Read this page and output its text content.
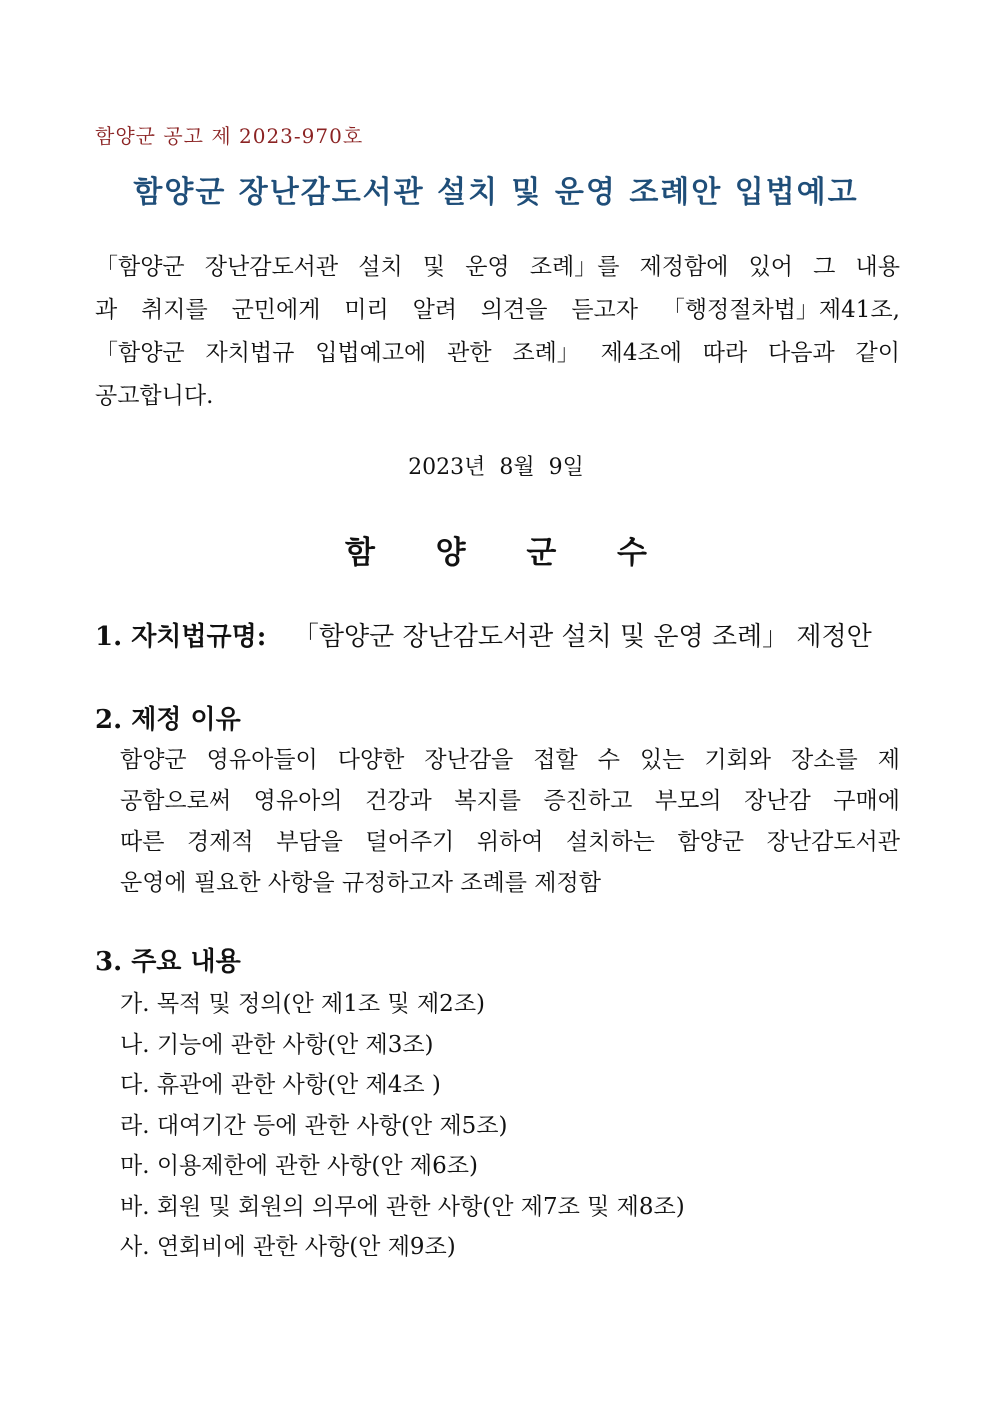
함양군 공고 제 2023-970호
함양군 장난감도서관 설치 및 운영 조례안 입법예고
「함양군 장난감도서관 설치 및 운영 조례」를 제정함에 있어 그 내용
과 취지를 군민에게 미리 알려 의견을 듣고자 「행정절차법」제41조,
「함양군 자치법규 입법예고에 관한 조례」 제4조에 따라 다음과 같이
공고합니다.
2023년  8월  9일
함 양 군 수
1. 자치법규명: 「함양군 장난감도서관 설치 및 운영 조례」 제정안
2. 제정 이유
함양군 영유아들이 다양한 장난감을 접할 수 있는 기회와 장소를 제
공함으로써 영유아의 건강과 복지를 증진하고 부모의 장난감 구매에
따른 경제적 부담을 덜어주기 위하여 설치하는 함양군 장난감도서관
운영에 필요한 사항을 규정하고자 조례를 제정함
3. 주요 내용
가. 목적 및 정의(안 제1조 및 제2조)
나. 기능에 관한 사항(안 제3조)
다. 휴관에 관한 사항(안 제4조 )
라. 대여기간 등에 관한 사항(안 제5조)
마. 이용제한에 관한 사항(안 제6조)
바. 회원 및 회원의 의무에 관한 사항(안 제7조 및 제8조)
사. 연회비에 관한 사항(안 제9조)
